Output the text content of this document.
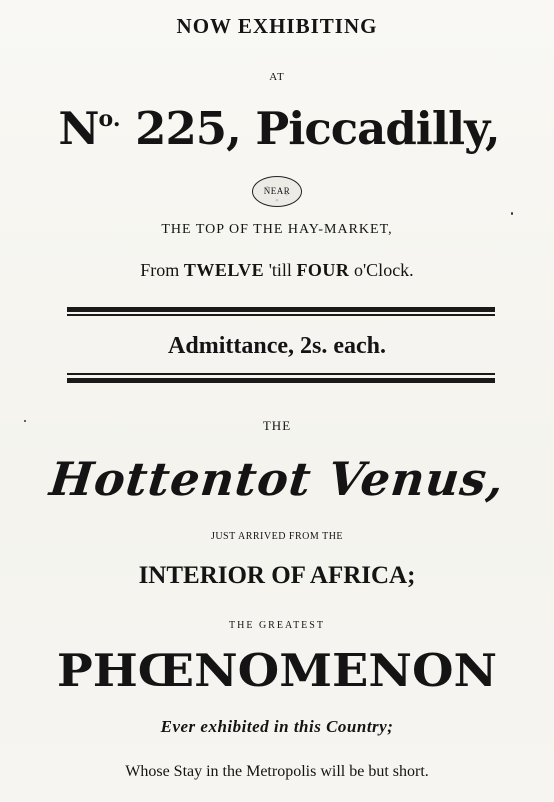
NOW EXHIBITING
AT
$N^{o.}$ 225, Piccadilly,
NEAR
THE TOP OF THE HAY-MARKET,
From TWELVE 'till FOUR o'Clock.
Admittance, 2s. each.
THE
Hottentot Venus,
JUST ARRIVED FROM THE
INTERIOR OF AFRICA;
THE GREATEST
PHŒNOMENON
Ever exhibited in this Country;
Whose Stay in the Metropolis will be but short.
